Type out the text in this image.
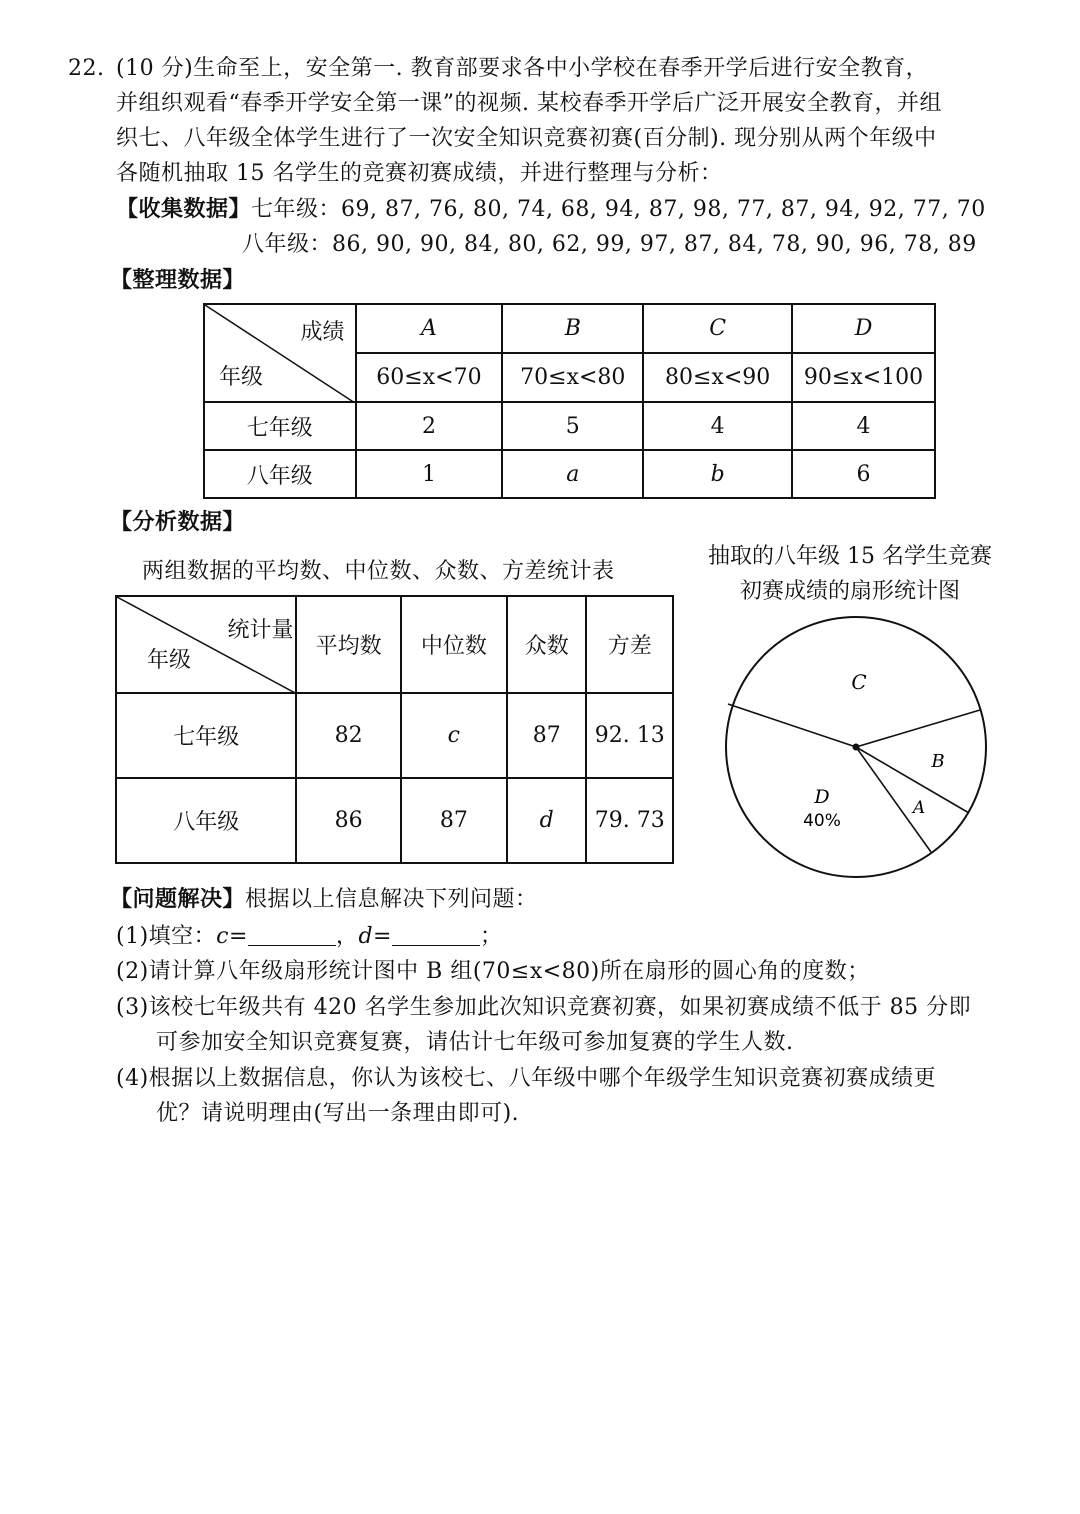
22. (10 分)生命至上，安全第一. 教育部要求各中小学校在春季开学后进行安全教育，
并组织观看“春季开学安全第一课”的视频. 某校春季开学后广泛开展安全教育，并组
织七、八年级全体学生进行了一次安全知识竞赛初赛(百分制). 现分别从两个年级中
各随机抽取 15 名学生的竞赛初赛成绩，并进行整理与分析：
【收集数据】七年级：69, 87, 76, 80, 74, 68, 94, 87, 98, 77, 87, 94, 92, 77, 70
八年级：86, 90, 90, 84, 80, 62, 99, 97, 87, 84, 78, 90, 96, 78, 89
【整理数据】
成绩
年级	A	B	C	D
	60≤x<70	70≤x<80	80≤x<90	90≤x<100
七年级	2	5	4	4
八年级	1	a	b	6
【分析数据】
两组数据的平均数、中位数、众数、方差统计表
统计量
年级	平均数	中位数	众数	方差
七年级	82	c	87	92. 13
八年级	86	87	d	79. 73
抽取的八年级 15 名学生竞赛
初赛成绩的扇形统计图
C
B
A
D
40%
【问题解决】根据以上信息解决下列问题：
(1)填空：c=	，d=	；
(2)请计算八年级扇形统计图中 B 组(70≤x<80)所在扇形的圆心角的度数；
(3)该校七年级共有 420 名学生参加此次知识竞赛初赛，如果初赛成绩不低于 85 分即
可参加安全知识竞赛复赛，请估计七年级可参加复赛的学生人数.
(4)根据以上数据信息，你认为该校七、八年级中哪个年级学生知识竞赛初赛成绩更
优？请说明理由(写出一条理由即可).
